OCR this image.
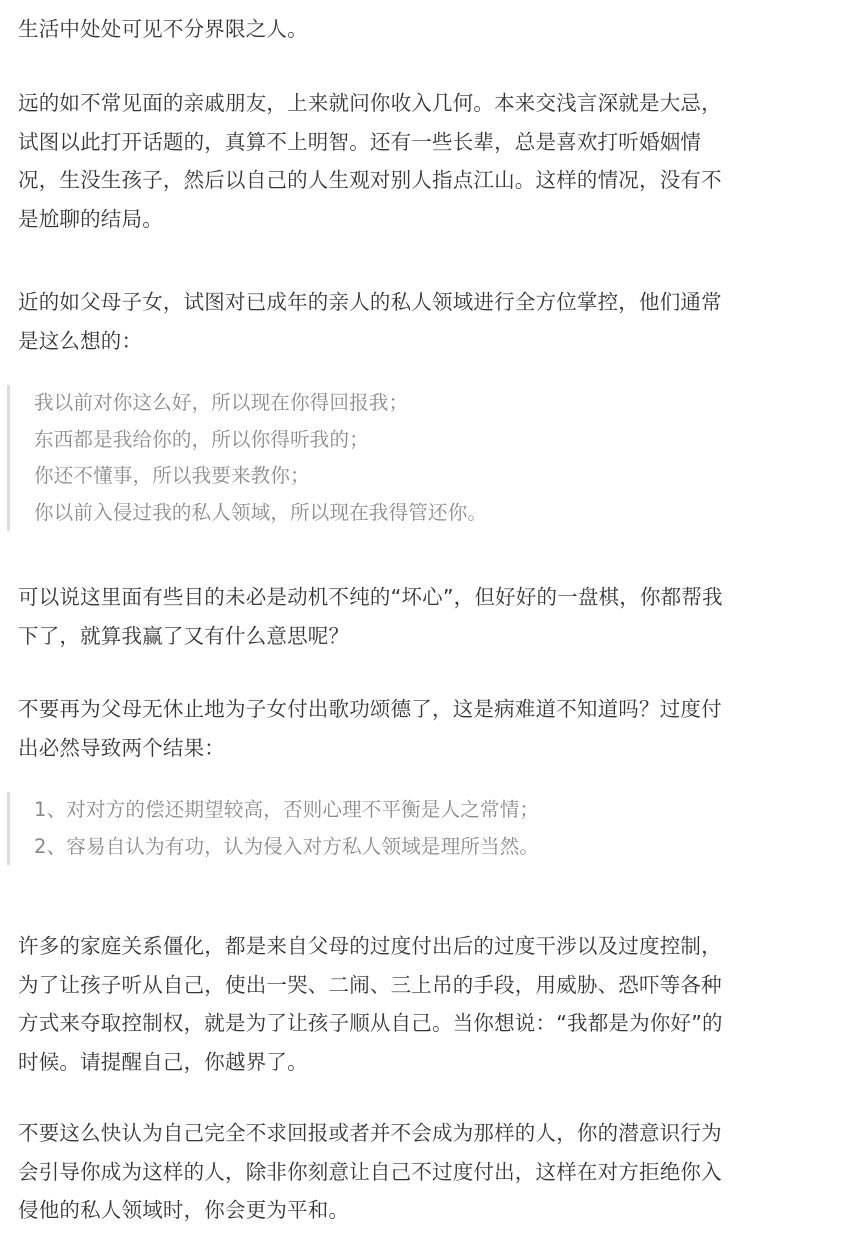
生活中处处可见不分界限之人。
远的如不常见面的亲戚朋友，上来就问你收入几何。本来交浅言深就是大忌，
试图以此打开话题的，真算不上明智。还有一些长辈，总是喜欢打听婚姻情
况，生没生孩子，然后以自己的人生观对别人指点江山。这样的情况，没有不
是尬聊的结局。
近的如父母子女，试图对已成年的亲人的私人领域进行全方位掌控，他们通常
是这么想的：
我以前对你这么好，所以现在你得回报我；
东西都是我给你的，所以你得听我的；
你还不懂事，所以我要来教你；
你以前入侵过我的私人领域，所以现在我得管还你。
可以说这里面有些目的未必是动机不纯的“坏心”，但好好的一盘棋，你都帮我
下了，就算我赢了又有什么意思呢？
不要再为父母无休止地为子女付出歌功颂德了，这是病难道不知道吗？过度付
出必然导致两个结果：
1、对对方的偿还期望较高，否则心理不平衡是人之常情；
2、容易自认为有功，认为侵入对方私人领域是理所当然。
许多的家庭关系僵化，都是来自父母的过度付出后的过度干涉以及过度控制，
为了让孩子听从自己，使出一哭、二闹、三上吊的手段，用威胁、恐吓等各种
方式来夺取控制权，就是为了让孩子顺从自己。当你想说：“我都是为你好”的
时候。请提醒自己，你越界了。
不要这么快认为自己完全不求回报或者并不会成为那样的人，你的潜意识行为
会引导你成为这样的人，除非你刻意让自己不过度付出，这样在对方拒绝你入
侵他的私人领域时，你会更为平和。
